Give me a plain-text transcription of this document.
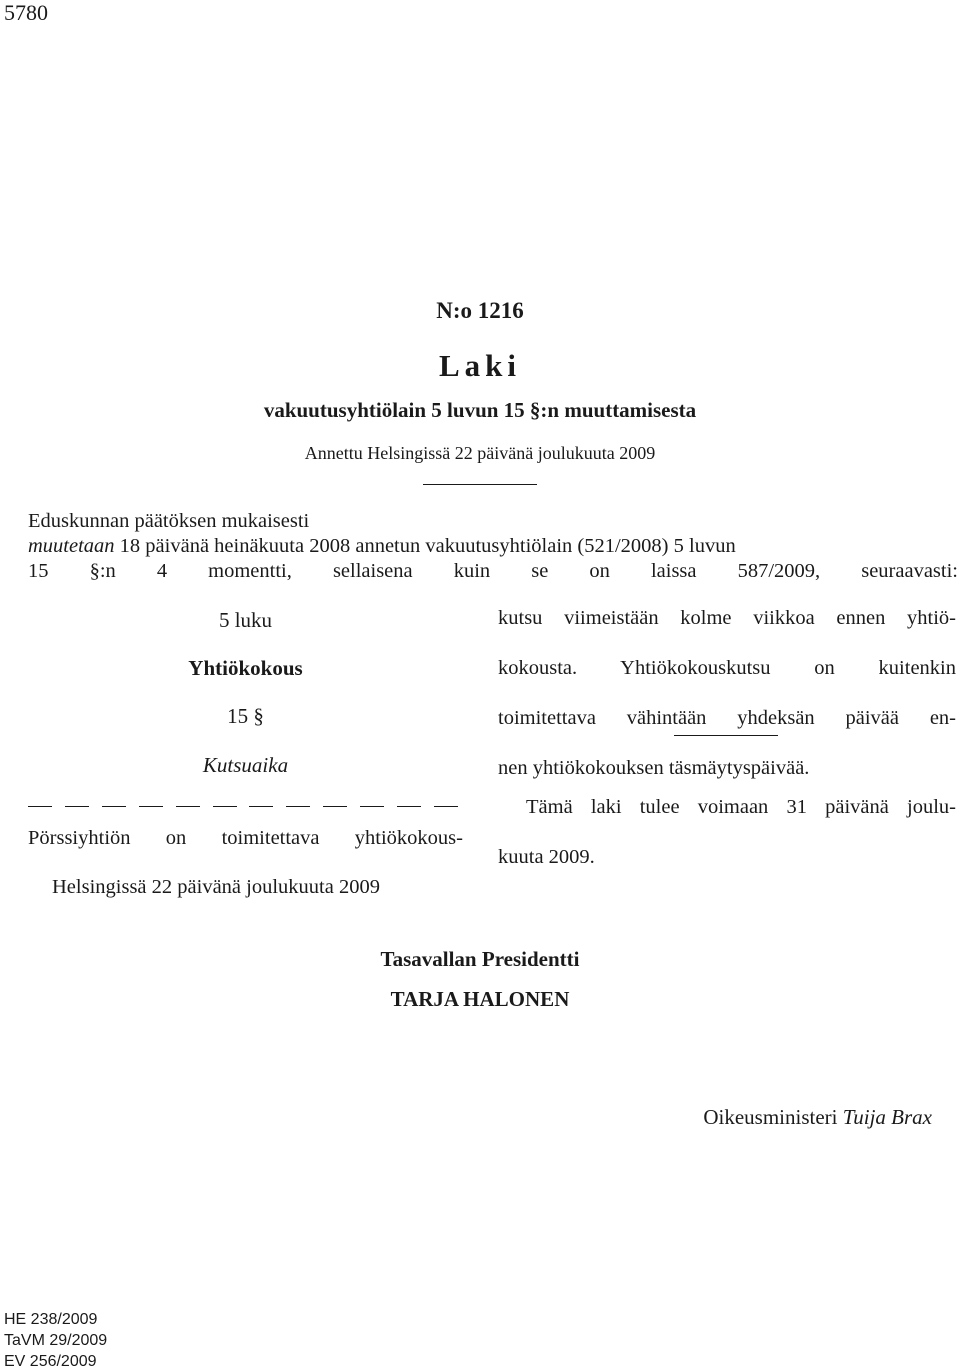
5780
N:o 1216
Laki
vakuutusyhtiölain 5 luvun 15 §:n muuttamisesta
Annettu Helsingissä 22 päivänä joulukuuta 2009

Eduskunnan päätöksen mukaisesti

muutetaan 18 päivänä heinäkuuta 2008 annetun vakuutusyhtiölain (521/2008) 5 luvun

15 §:n 4 momentti, sellaisena kuin se on laissa 587/2009, seuraavasti:

5 luku
Yhtiökokous
15 §
Kutsuaika
Pörssiyhtiön on toimitettava yhtiökokous-

kutsu viimeistään kolme viikkoa ennen yhtiö-

kokousta. Yhtiökokouskutsu on kuitenkin

toimitettava vähintään yhdeksän päivää en-

nen yhtiökokouksen täsmäytyspäivää.

Tämä laki tulee voimaan 31 päivänä joulu-

kuuta 2009.

Helsingissä 22 päivänä joulukuuta 2009
Tasavallan Presidentti
TARJA HALONEN
Oikeusministeri Tuija Brax
HE 238/2009
TaVM 29/2009
EV 256/2009
